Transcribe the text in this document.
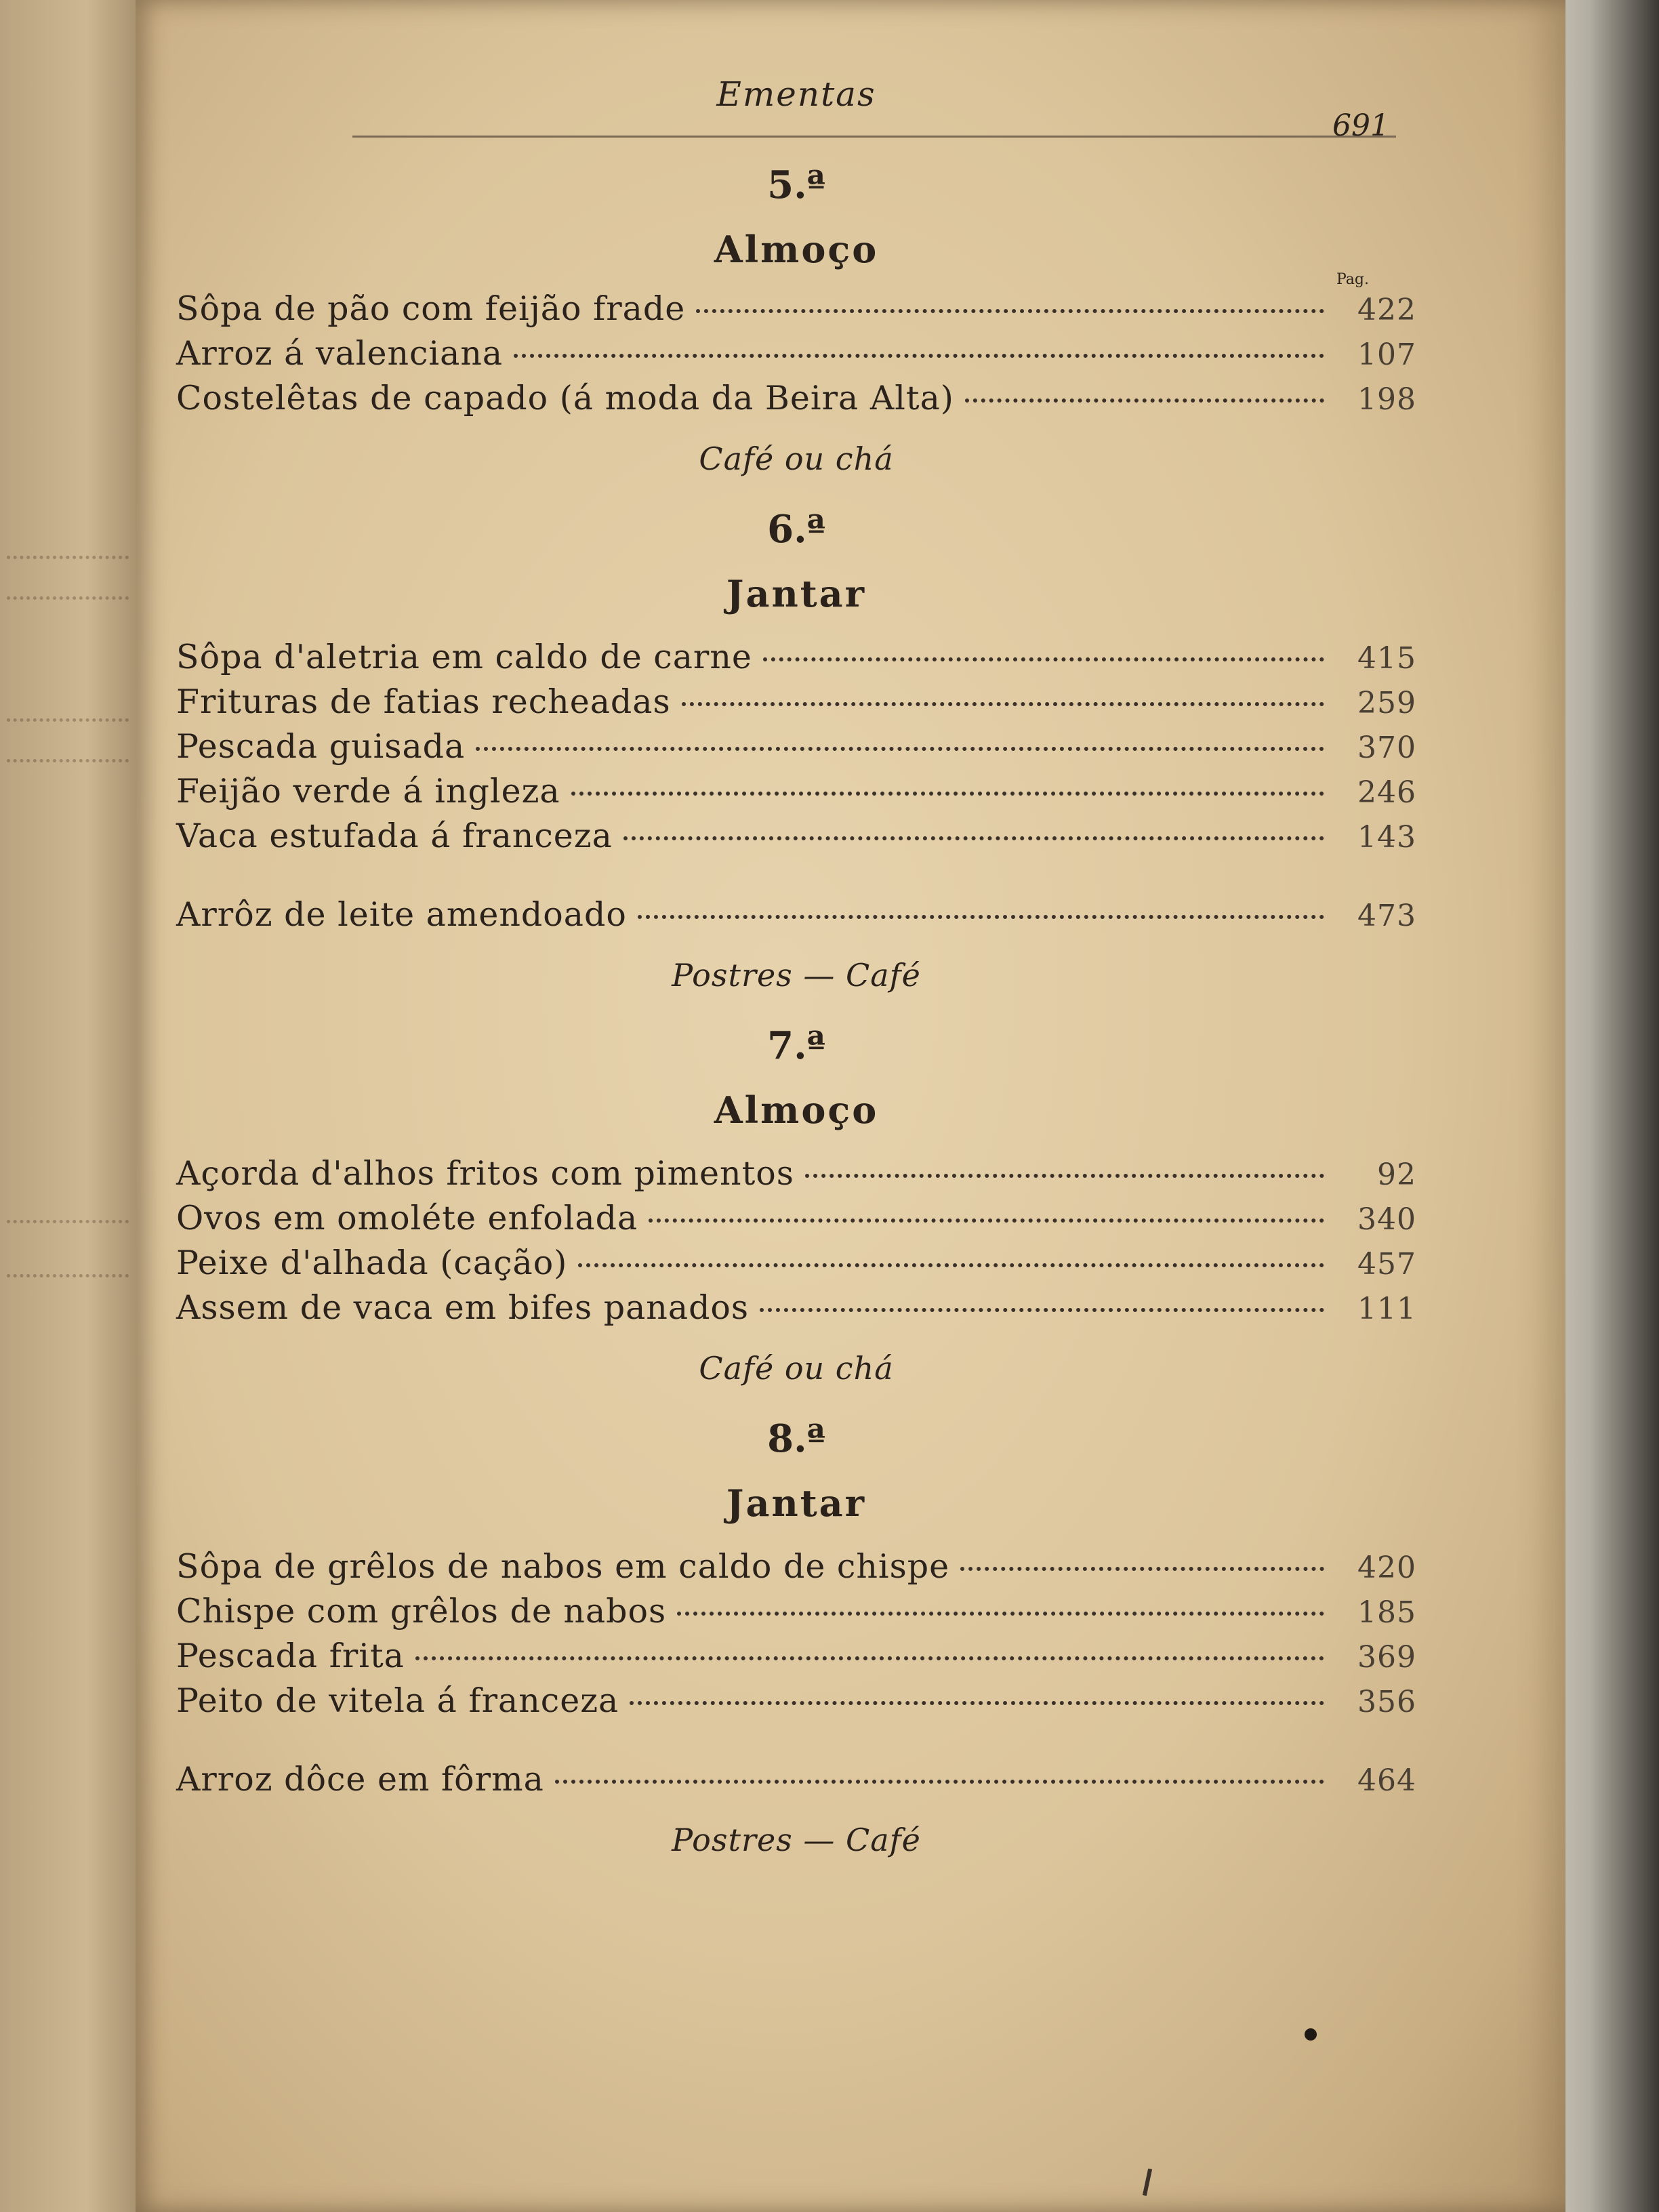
Ementas
691
5.ª
Almoço
Pag.
Sôpa de pão com feijão frade	422
Arroz á valenciana	107
Costelêtas de capado (á moda da Beira Alta)	198
Café ou chá
6.ª
Jantar
Sôpa d'aletria em caldo de carne	415
Frituras de fatias recheadas	259
Pescada guisada	370
Feijão verde á ingleza	246
Vaca estufada á franceza	143
Arrôz de leite amendoado	473
Postres — Café
7.ª
Almoço
Açorda d'alhos fritos com pimentos	92
Ovos em omoléte enfolada	340
Peixe d'alhada (cação)	457
Assem de vaca em bifes panados	111
Café ou chá
8.ª
Jantar
Sôpa de grêlos de nabos em caldo de chispe	420
Chispe com grêlos de nabos	185
Pescada frita	369
Peito de vitela á franceza	356
Arroz dôce em fôrma	464
Postres — Café
